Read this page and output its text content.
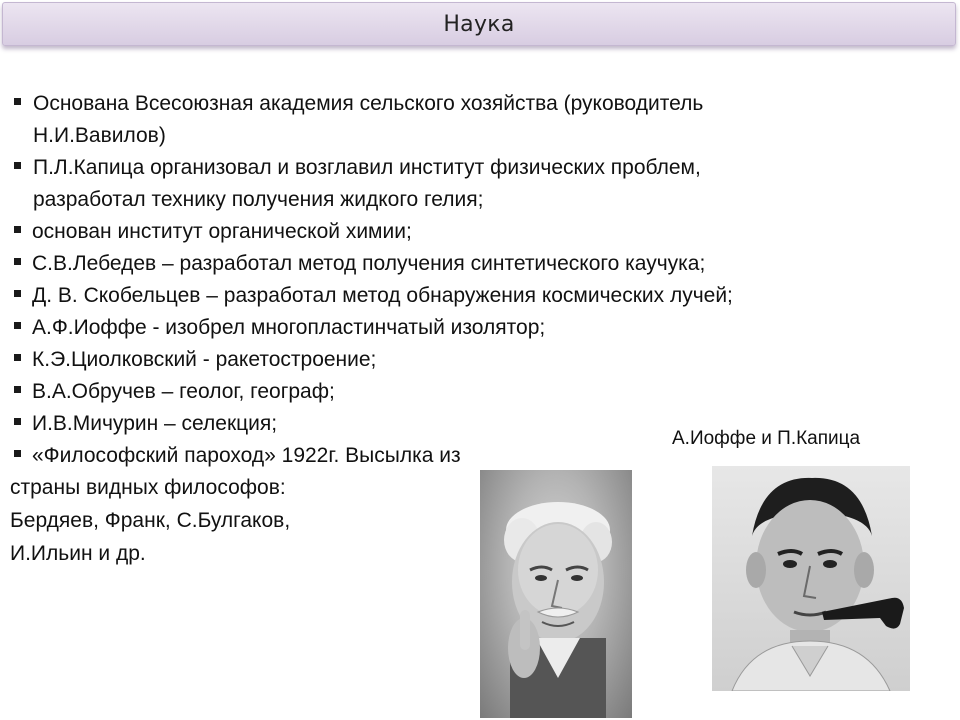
Наука
Основана Всесоюзная академия сельского хозяйства (руководитель
Н.И.Вавилов)
П.Л.Капица организовал и возглавил институт физических проблем,
разработал технику получения жидкого гелия;
основан институт органической химии;
С.В.Лебедев – разработал метод получения синтетического каучука;
Д. В. Скобельцев – разработал метод обнаружения космических лучей;
А.Ф.Иоффе - изобрел многопластинчатый изолятор;
К.Э.Циолковский - ракетостроение;
В.А.Обручев – геолог, географ;
И.В.Мичурин – селекция;
«Философский пароход» 1922г. Высылка из
страны видных философов:
Бердяев, Франк, С.Булгаков,
И.Ильин и др.
А.Иоффе и П.Капица
